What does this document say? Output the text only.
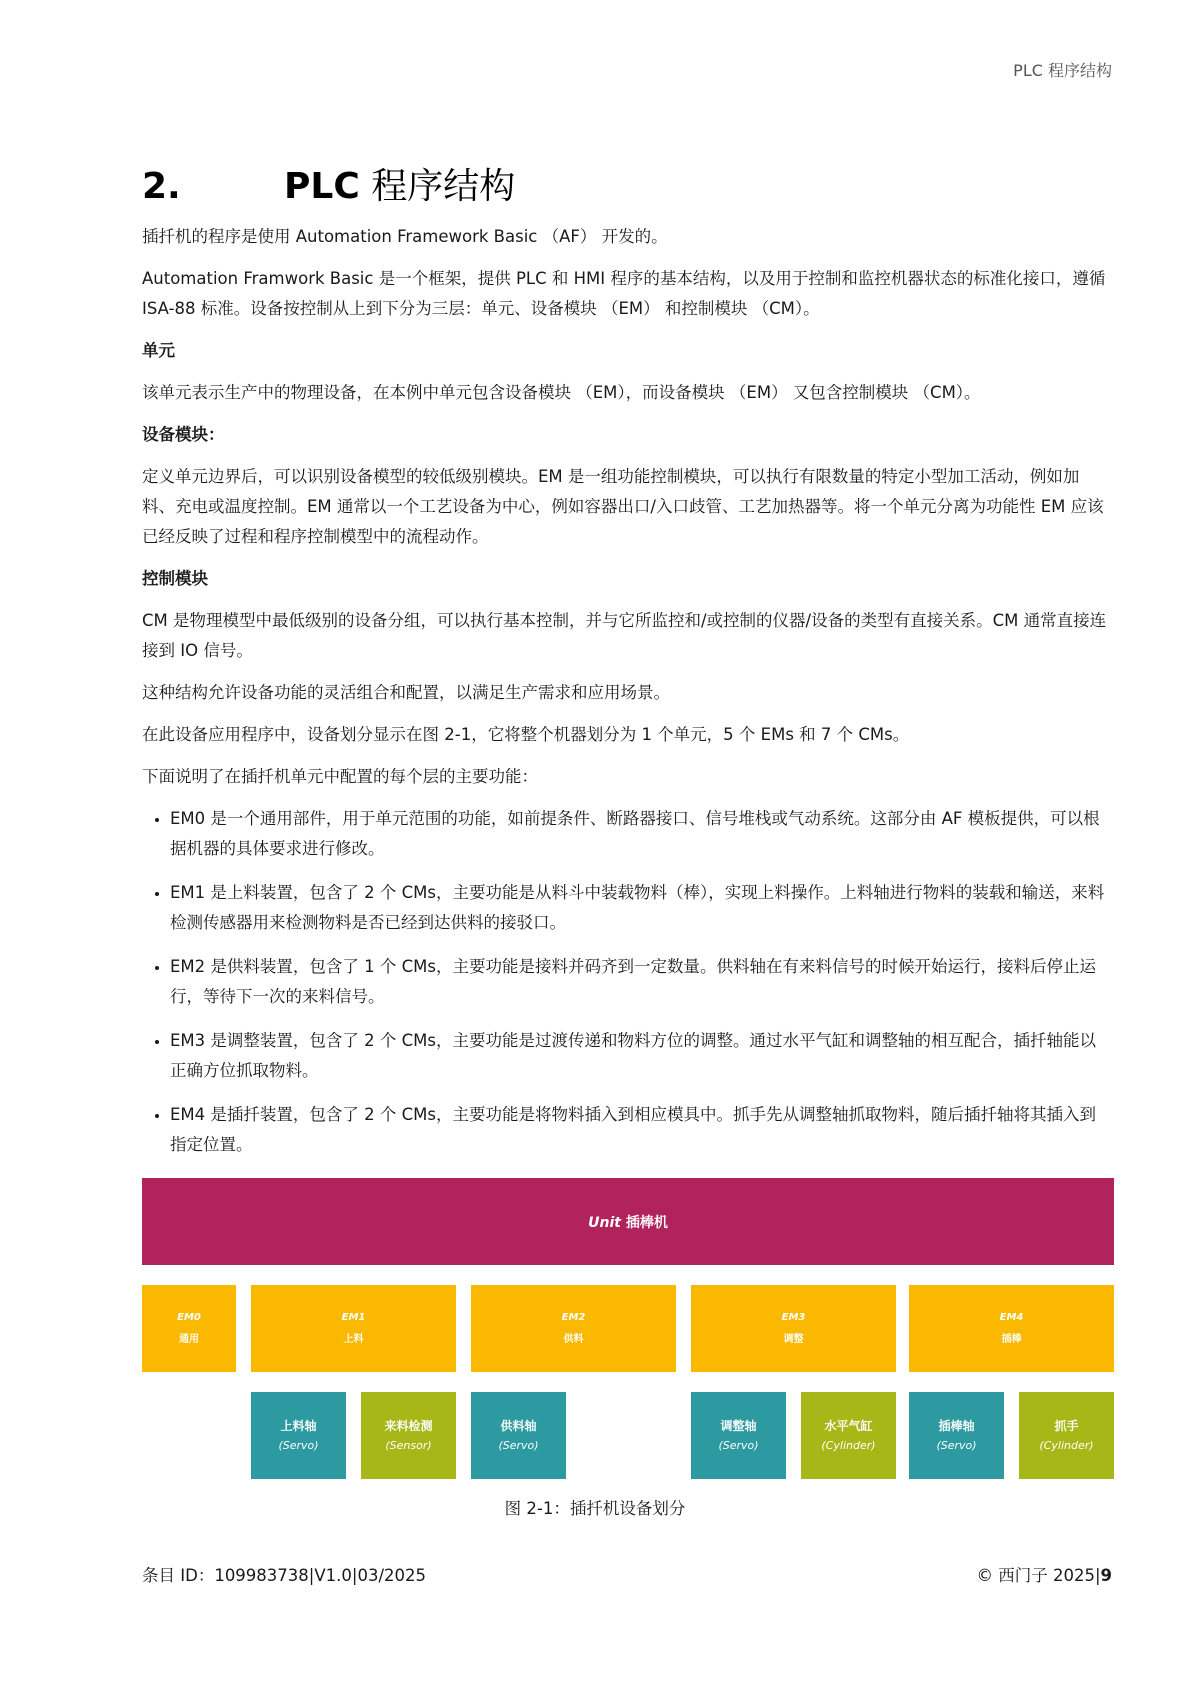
PLC 程序结构
2.	PLC 程序结构

插扦机的程序是使用 Automation Framework Basic （AF） 开发的。

Automation Framwork Basic 是一个框架，提供 PLC 和 HMI 程序的基本结构，以及用于控制和监控机器状态的标准化接口，遵循 ISA-88 标准。设备按控制从上到下分为三层：单元、设备模块 （EM） 和控制模块 （CM）。

单元

该单元表示生产中的物理设备，在本例中单元包含设备模块 （EM），而设备模块 （EM） 又包含控制模块 （CM）。

设备模块：

定义单元边界后，可以识别设备模型的较低级别模块。EM 是一组功能控制模块，可以执行有限数量的特定小型加工活动，例如加料、充电或温度控制。EM 通常以一个工艺设备为中心，例如容器出口/入口歧管、工艺加热器等。将一个单元分离为功能性 EM 应该已经反映了过程和程序控制模型中的流程动作。

控制模块

CM 是物理模型中最低级别的设备分组，可以执行基本控制，并与它所监控和/或控制的仪器/设备的类型有直接关系。CM 通常直接连接到 IO 信号。

这种结构允许设备功能的灵活组合和配置，以满足生产需求和应用场景。

在此设备应用程序中，设备划分显示在图 2-1，它将整个机器划分为 1 个单元，5 个 EMs 和 7 个 CMs。

下面说明了在插扦机单元中配置的每个层的主要功能：

• EM0 是一个通用部件，用于单元范围的功能，如前提条件、断路器接口、信号堆栈或气动系统。这部分由 AF 模板提供，可以根据机器的具体要求进行修改。
• EM1 是上料装置，包含了 2 个 CMs，主要功能是从料斗中装载物料（棒），实现上料操作。上料轴进行物料的装载和输送，来料检测传感器用来检测物料是否已经到达供料的接驳口。
• EM2 是供料装置，包含了 1 个 CMs，主要功能是接料并码齐到一定数量。供料轴在有来料信号的时候开始运行，接料后停止运行，等待下一次的来料信号。
• EM3 是调整装置，包含了 2 个 CMs，主要功能是过渡传递和物料方位的调整。通过水平气缸和调整轴的相互配合，插扦轴能以正确方位抓取物料。
• EM4 是插扦装置，包含了 2 个 CMs，主要功能是将物料插入到相应模具中。抓手先从调整轴抓取物料，随后插扦轴将其插入到指定位置。
Unit 插棒机
EM0
通用
EM1
上料
EM2
供料
EM3
调整
EM4
插棒
上料轴
(Servo)
来料检测
(Sensor)
供料轴
(Servo)
调整轴
(Servo)
水平气缸
(Cylinder)
插棒轴
(Servo)
抓手
(Cylinder)
图 2-1：插扦机设备划分
条目 ID：109983738|V1.0|03/2025	© 西门子 2025|9
